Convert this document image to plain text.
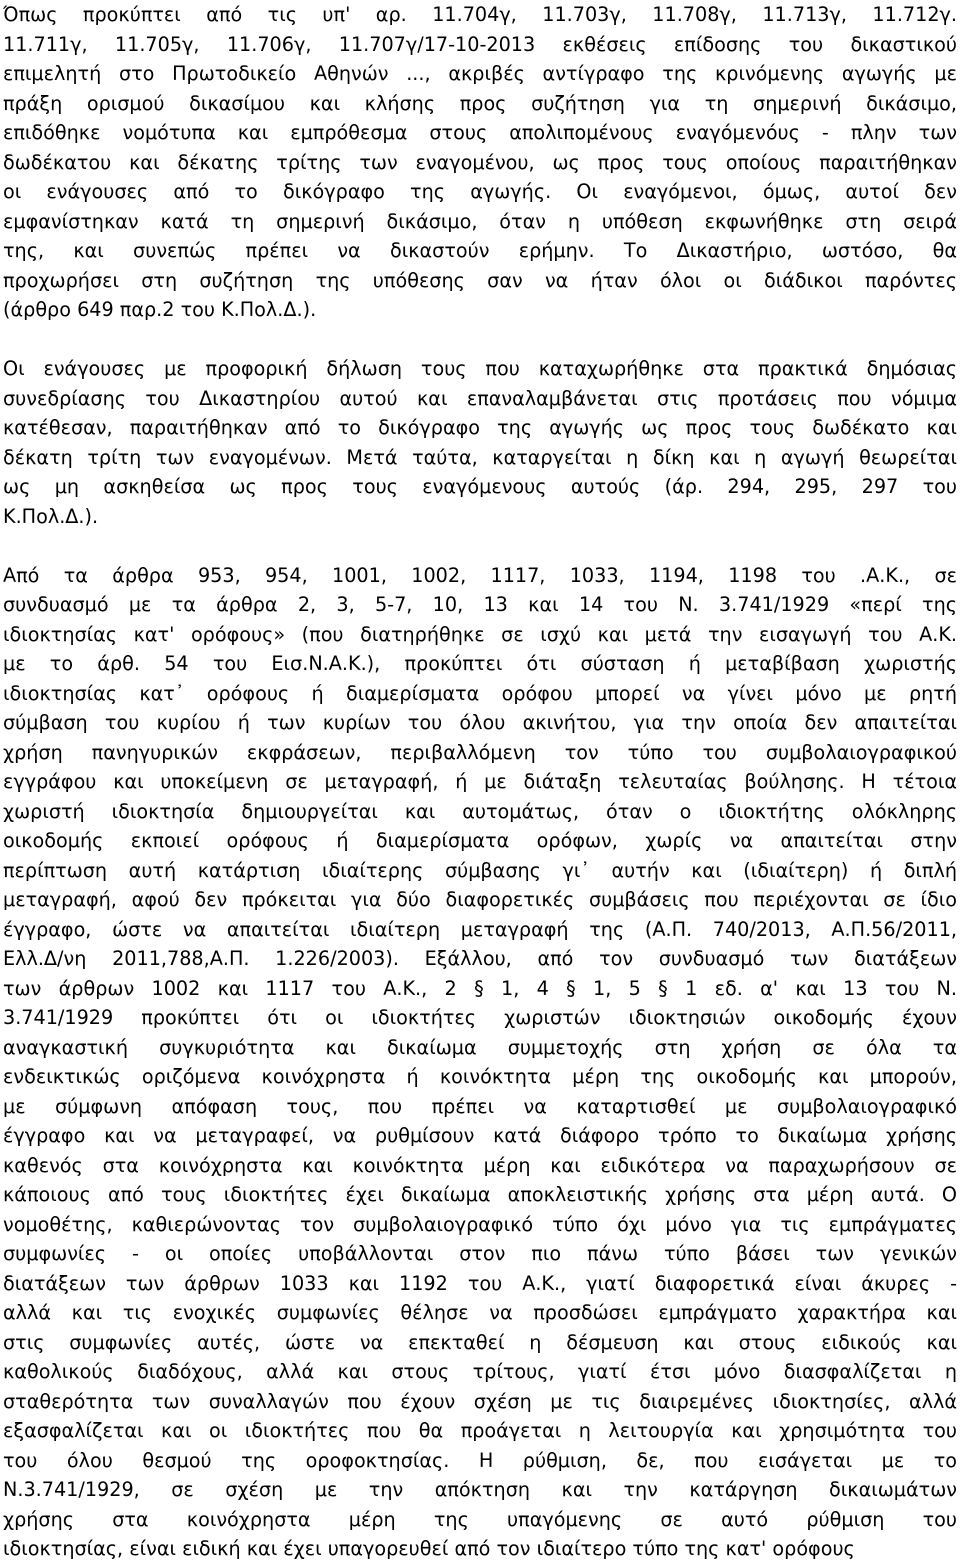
Όπως προκύπτει από τις υπ' αρ. 11.704γ, 11.703γ, 11.708γ, 11.713γ, 11.712γ.
11.711γ, 11.705γ, 11.706γ, 11.707γ/17-10-2013 εκθέσεις επίδοσης του δικαστικού
επιμελητή στο Πρωτοδικείο Αθηνών ..., ακριβές αντίγραφο της κρινόμενης αγωγής με
πράξη ορισμού δικασίμου και κλήσης προς συζήτηση για τη σημερινή δικάσιμο,
επιδόθηκε νομότυπα και εμπρόθεσμα στους απολιπομένους εναγόμενόυς - πλην των
δωδέκατου και δέκατης τρίτης των εναγομένου, ως προς τους οποίους παραιτήθηκαν
οι ενάγουσες από το δικόγραφο της αγωγής. Οι εναγόμενοι, όμως, αυτοί δεν
εμφανίστηκαν κατά τη σημερινή δικάσιμο, όταν η υπόθεση εκφωνήθηκε στη σειρά
της, και συνεπώς πρέπει να δικαστούν ερήμην. Το Δικαστήριο, ωστόσο, θα
προχωρήσει στη συζήτηση της υπόθεσης σαν να ήταν όλοι οι διάδικοι παρόντες
(άρθρο 649 παρ.2 του Κ.Πολ.Δ.).
Οι ενάγουσες με προφορική δήλωση τους που καταχωρήθηκε στα πρακτικά δημόσιας
συνεδρίασης του Δικαστηρίου αυτού και επαναλαμβάνεται στις προτάσεις που νόμιμα
κατέθεσαν, παραιτήθηκαν από το δικόγραφο της αγωγής ως προς τους δωδέκατο και
δέκατη τρίτη των εναγομένων. Μετά ταύτα, καταργείται η δίκη και η αγωγή θεωρείται
ως μη ασκηθείσα ως προς τους εναγόμενους αυτούς (άρ. 294, 295, 297 του
Κ.Πολ.Δ.).
Από τα άρθρα 953, 954, 1001, 1002, 1117, 1033, 1194, 1198 του .Α.Κ., σε
συνδυασμό με τα άρθρα 2, 3, 5-7, 10, 13 και 14 του Ν. 3.741/1929 «περί της
ιδιοκτησίας κατ' ορόφους» (που διατηρήθηκε σε ισχύ και μετά την εισαγωγή του Α.Κ.
με το άρθ. 54 του Εισ.Ν.Α.Κ.), προκύπτει ότι σύσταση ή μεταβίβαση χωριστής
ιδιοκτησίας κατ᾽ ορόφους ή διαμερίσματα ορόφου μπορεί να γίνει μόνο με ρητή
σύμβαση του κυρίου ή των κυρίων του όλου ακινήτου, για την οποία δεν απαιτείται
χρήση πανηγυρικών εκφράσεων, περιβαλλόμενη τον τύπο του συμβολαιογραφικού
εγγράφου και υποκείμενη σε μεταγραφή, ή με διάταξη τελευταίας βούλησης. Η τέτοια
χωριστή ιδιοκτησία δημιουργείται και αυτομάτως, όταν ο ιδιοκτήτης ολόκληρης
οικοδομής εκποιεί ορόφους ή διαμερίσματα ορόφων, χωρίς να απαιτείται στην
περίπτωση αυτή κατάρτιση ιδιαίτερης σύμβασης γι᾽ αυτήν και (ιδιαίτερη) ή διπλή
μεταγραφή, αφού δεν πρόκειται για δύο διαφορετικές συμβάσεις που περιέχονται σε ίδιο
έγγραφο, ώστε να απαιτείται ιδιαίτερη μεταγραφή της (Α.Π. 740/2013, Α.Π.56/2011,
Ελλ.Δ/νη 2011,788,Α.Π. 1.226/2003). Εξάλλου, από τον συνδυασμό των διατάξεων
των άρθρων 1002 και 1117 του Α.Κ., 2 § 1, 4 § 1, 5 § 1 εδ. α' και 13 του Ν.
3.741/1929 προκύπτει ότι οι ιδιοκτήτες χωριστών ιδιοκτησιών οικοδομής έχουν
αναγκαστική συγκυριότητα και δικαίωμα συμμετοχής στη χρήση σε όλα τα
ενδεικτικώς οριζόμενα κοινόχρηστα ή κοινόκτητα μέρη της οικοδομής και μπορούν,
με σύμφωνη απόφαση τους, που πρέπει να καταρτισθεί με συμβολαιογραφικό
έγγραφο και να μεταγραφεί, να ρυθμίσουν κατά διάφορο τρόπο το δικαίωμα χρήσης
καθενός στα κοινόχρηστα και κοινόκτητα μέρη και ειδικότερα να παραχωρήσουν σε
κάποιους από τους ιδιοκτήτες έχει δικαίωμα αποκλειστικής χρήσης στα μέρη αυτά. Ο
νομοθέτης, καθιερώνοντας τον συμβολαιογραφικό τύπο όχι μόνο για τις εμπράγματες
συμφωνίες - οι οποίες υποβάλλονται στον πιο πάνω τύπο βάσει των γενικών
διατάξεων των άρθρων 1033 και 1192 του Α.Κ., γιατί διαφορετικά είναι άκυρες -
αλλά και τις ενοχικές συμφωνίες θέλησε να προσδώσει εμπράγματο χαρακτήρα και
στις συμφωνίες αυτές, ώστε να επεκταθεί η δέσμευση και στους ειδικούς και
καθολικούς διαδόχους, αλλά και στους τρίτους, γιατί έτσι μόνο διασφαλίζεται η
σταθερότητα των συναλλαγών που έχουν σχέση με τις διαιρεμένες ιδιοκτησίες, αλλά
εξασφαλίζεται και οι ιδιοκτήτες που θα προάγεται η λειτουργία και χρησιμότητα του
του όλου θεσμού της οροφοκτησίας. Η ρύθμιση, δε, που εισάγεται με το
Ν.3.741/1929, σε σχέση με την απόκτηση και την κατάργηση δικαιωμάτων
χρήσης στα κοινόχρηστα μέρη της υπαγόμενης σε αυτό ρύθμιση του
ιδιοκτησίας, είναι ειδική και έχει υπαγορευθεί από τον ιδιαίτερο τύπο της κατ' ορόφους
